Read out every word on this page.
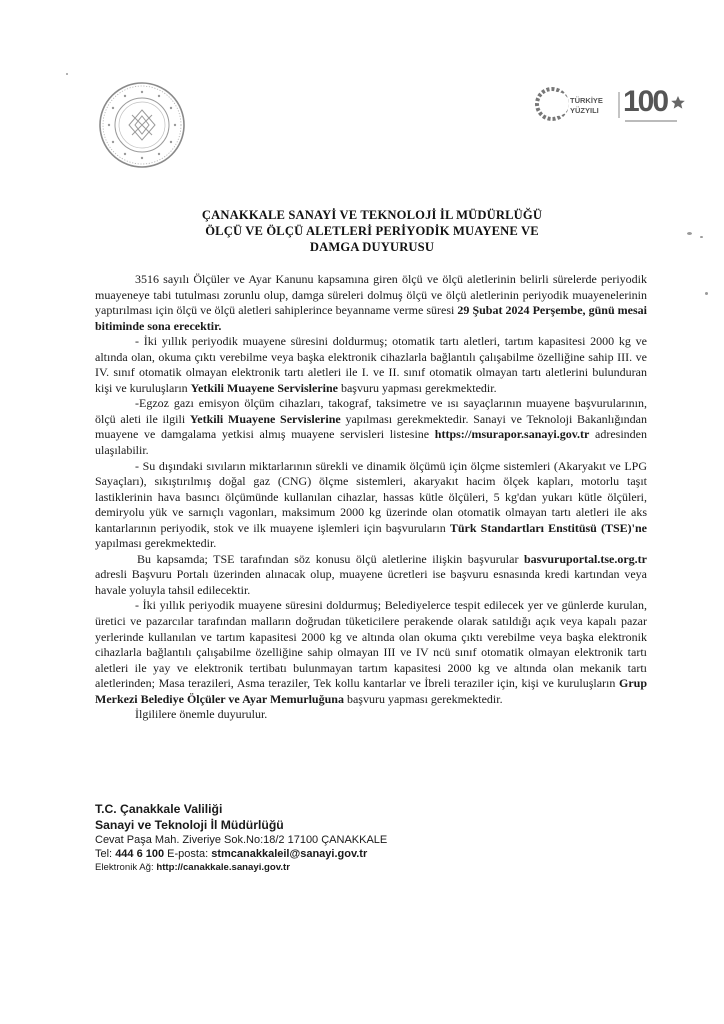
TÜRKİYE
YÜZYILI 100
ÇANAKKALE SANAYİ VE TEKNOLOJİ İL MÜDÜRLÜĞÜ
ÖLÇÜ VE ÖLÇÜ ALETLERİ PERİYODİK MUAYENE VE
DAMGA DUYURUSU

3516 sayılı Ölçüler ve Ayar Kanunu kapsamına giren ölçü ve ölçü aletlerinin belirli sürelerde periyodik muayeneye tabi tutulması zorunlu olup, damga süreleri dolmuş ölçü ve ölçü aletlerinin periyodik muayenelerinin yaptırılması için ölçü ve ölçü aletleri sahiplerince beyanname verme süresi 29 Şubat 2024 Perşembe, günü mesai bitiminde sona erecektir.

- İki yıllık periyodik muayene süresini doldurmuş; otomatik tartı aletleri, tartım kapasitesi 2000 kg ve altında olan, okuma çıktı verebilme veya başka elektronik cihazlarla bağlantılı çalışabilme özelliğine sahip III. ve IV. sınıf otomatik olmayan elektronik tartı aletleri ile I. ve II. sınıf otomatik olmayan tartı aletlerini bulunduran kişi ve kuruluşların Yetkili Muayene Servislerine başvuru yapması gerekmektedir.

-Egzoz gazı emisyon ölçüm cihazları, takograf, taksimetre ve ısı sayaçlarının muayene başvurularının, ölçü aleti ile ilgili Yetkili Muayene Servislerine yapılması gerekmektedir. Sanayi ve Teknoloji Bakanlığından muayene ve damgalama yetkisi almış muayene servisleri listesine https://msurapor.sanayi.gov.tr adresinden ulaşılabilir.

- Su dışındaki sıvıların miktarlarının sürekli ve dinamik ölçümü için ölçme sistemleri (Akaryakıt ve LPG Sayaçları), sıkıştırılmış doğal gaz (CNG) ölçme sistemleri, akaryakıt hacim ölçek kapları, motorlu taşıt lastiklerinin hava basıncı ölçümünde kullanılan cihazlar, hassas kütle ölçüleri, 5 kg'dan yukarı kütle ölçüleri, demiryolu yük ve sarnıçlı vagonları, maksimum 2000 kg üzerinde olan otomatik olmayan tartı aletleri ile aks kantarlarının periyodik, stok ve ilk muayene işlemleri için başvuruların Türk Standartları Enstitüsü (TSE)'ne yapılması gerekmektedir.

Bu kapsamda; TSE tarafından söz konusu ölçü aletlerine ilişkin başvurular basvuruportal.tse.org.tr adresli Başvuru Portalı üzerinden alınacak olup, muayene ücretleri ise başvuru esnasında kredi kartından veya havale yoluyla tahsil edilecektir.

- İki yıllık periyodik muayene süresini doldurmuş; Belediyelerce tespit edilecek yer ve günlerde kurulan, üretici ve pazarcılar tarafından malların doğrudan tüketicilere perakende olarak satıldığı açık veya kapalı pazar yerlerinde kullanılan ve tartım kapasitesi 2000 kg ve altında olan okuma çıktı verebilme veya başka elektronik cihazlarla bağlantılı çalışabilme özelliğine sahip olmayan III ve IV ncü sınıf otomatik olmayan elektronik tartı aletleri ile yay ve elektronik tertibatı bulunmayan tartım kapasitesi 2000 kg ve altında olan mekanik tartı aletlerinden; Masa terazileri, Asma teraziler, Tek kollu kantarlar ve İbreli teraziler için, kişi ve kuruluşların Grup Merkezi Belediye Ölçüler ve Ayar Memurluğuna başvuru yapması gerekmektedir.

İlgililere önemle duyurulur.

T.C. Çanakkale Valiliği
Sanayi ve Teknoloji İl Müdürlüğü
Cevat Paşa Mah. Ziveriye Sok.No:18/2 17100 ÇANAKKALE
Tel: 444 6 100 E-posta: stmcanakkaleil@sanayi.gov.tr
Elektronik Ağ: http://canakkale.sanayi.gov.tr
